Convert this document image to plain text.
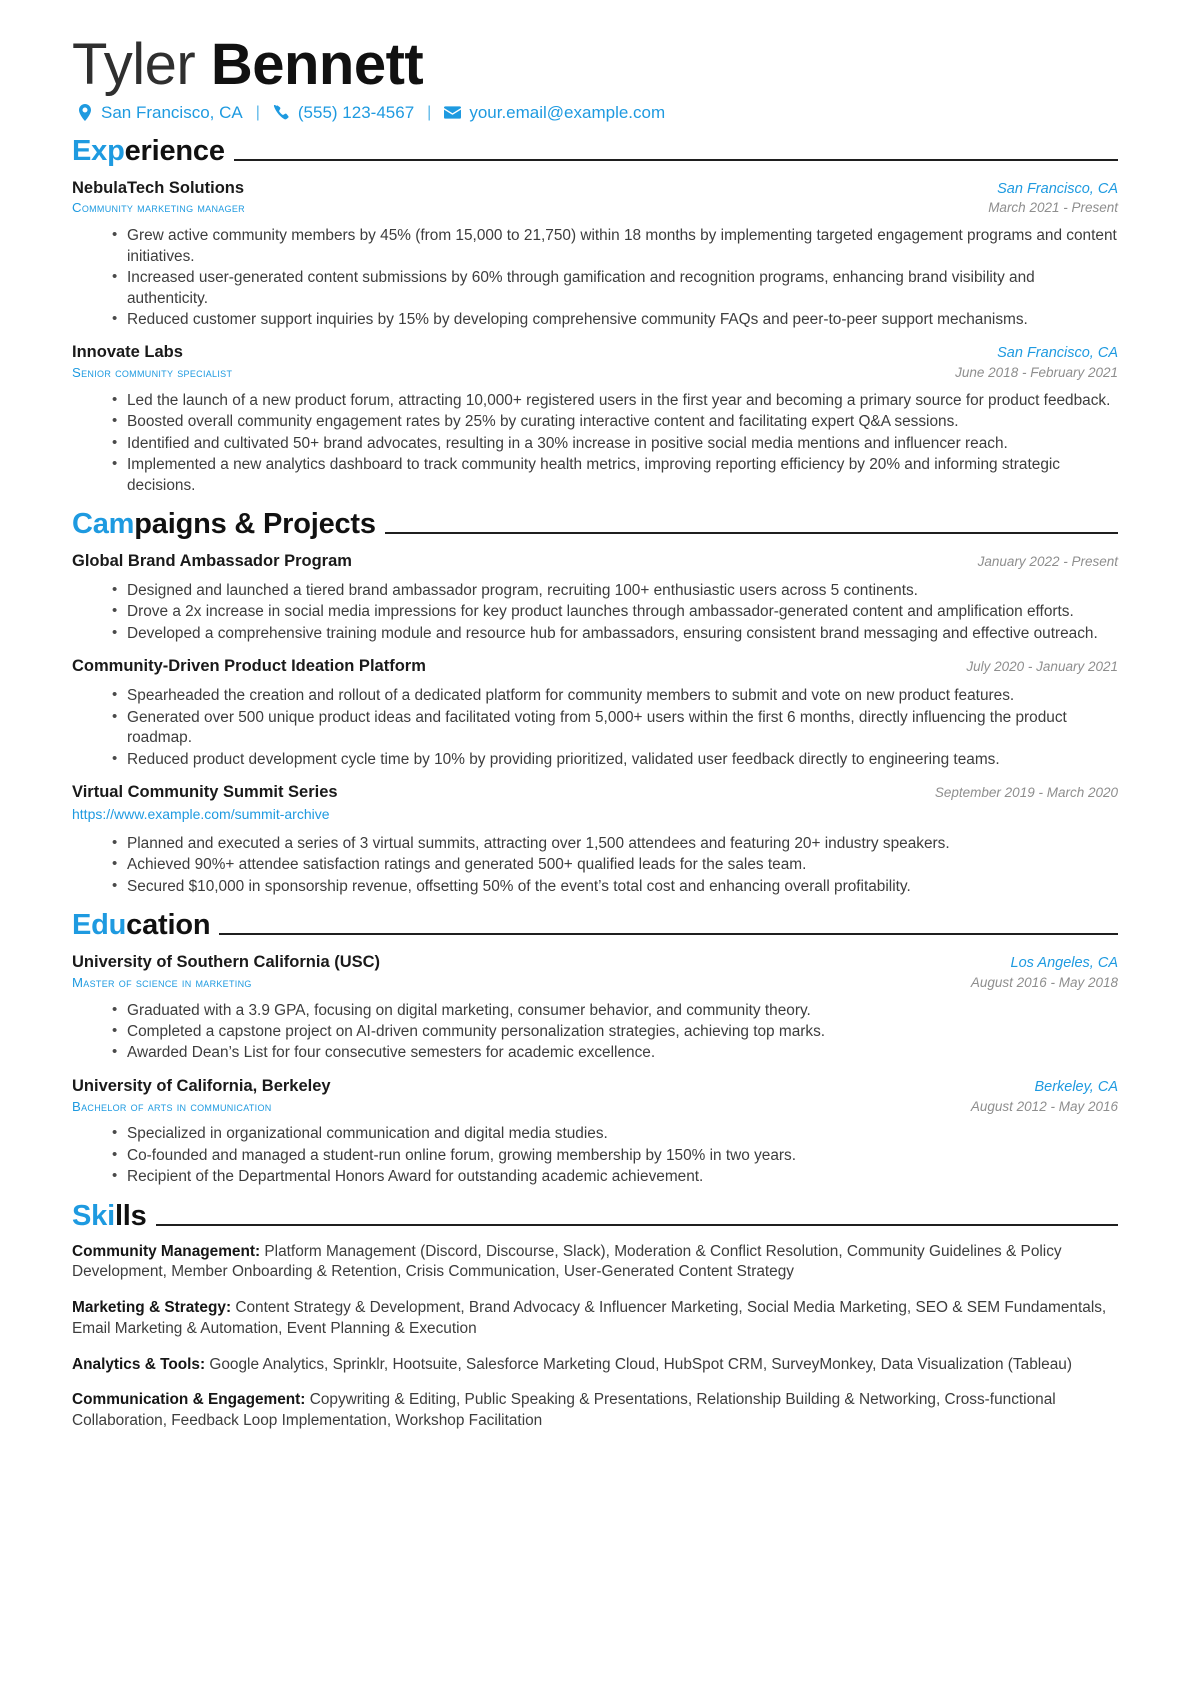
Tyler Bennett
San Francisco, CA |	(555) 123-4567 |	your.email@example.com
Experience
NebulaTech Solutions	San Francisco, CA
Community marketing manager	March 2021 - Present
• Grew active community members by 45% (from 15,000 to 21,750) within 18 months by implementing targeted engagement programs and content initiatives.
• Increased user-generated content submissions by 60% through gamification and recognition programs, enhancing brand visibility and authenticity.
• Reduced customer support inquiries by 15% by developing comprehensive community FAQs and peer-to-peer support mechanisms.
Innovate Labs	San Francisco, CA
Senior community specialist	June 2018 - February 2021
• Led the launch of a new product forum, attracting 10,000+ registered users in the first year and becoming a primary source for product feedback.
• Boosted overall community engagement rates by 25% by curating interactive content and facilitating expert Q&A sessions.
• Identified and cultivated 50+ brand advocates, resulting in a 30% increase in positive social media mentions and influencer reach.
• Implemented a new analytics dashboard to track community health metrics, improving reporting efficiency by 20% and informing strategic decisions.
Campaigns & Projects
Global Brand Ambassador Program	January 2022 - Present
• Designed and launched a tiered brand ambassador program, recruiting 100+ enthusiastic users across 5 continents.
• Drove a 2x increase in social media impressions for key product launches through ambassador-generated content and amplification efforts.
• Developed a comprehensive training module and resource hub for ambassadors, ensuring consistent brand messaging and effective outreach.
Community-Driven Product Ideation Platform	July 2020 - January 2021
• Spearheaded the creation and rollout of a dedicated platform for community members to submit and vote on new product features.
• Generated over 500 unique product ideas and facilitated voting from 5,000+ users within the first 6 months, directly influencing the product roadmap.
• Reduced product development cycle time by 10% by providing prioritized, validated user feedback directly to engineering teams.
Virtual Community Summit Series	September 2019 - March 2020
https://www.example.com/summit-archive
• Planned and executed a series of 3 virtual summits, attracting over 1,500 attendees and featuring 20+ industry speakers.
• Achieved 90%+ attendee satisfaction ratings and generated 500+ qualified leads for the sales team.
• Secured $10,000 in sponsorship revenue, offsetting 50% of the event’s total cost and enhancing overall profitability.
Education
University of Southern California (USC)	Los Angeles, CA
Master of science in marketing	August 2016 - May 2018
• Graduated with a 3.9 GPA, focusing on digital marketing, consumer behavior, and community theory.
• Completed a capstone project on AI-driven community personalization strategies, achieving top marks.
• Awarded Dean’s List for four consecutive semesters for academic excellence.
University of California, Berkeley	Berkeley, CA
Bachelor of arts in communication	August 2012 - May 2016
• Specialized in organizational communication and digital media studies.
• Co-founded and managed a student-run online forum, growing membership by 150% in two years.
• Recipient of the Departmental Honors Award for outstanding academic achievement.
Skills

Community Management: Platform Management (Discord, Discourse, Slack), Moderation & Conflict Resolution, Community Guidelines & Policy Development, Member Onboarding & Retention, Crisis Communication, User-Generated Content Strategy

Marketing & Strategy: Content Strategy & Development, Brand Advocacy & Influencer Marketing, Social Media Marketing, SEO & SEM Fundamentals, Email Marketing & Automation, Event Planning & Execution

Analytics & Tools: Google Analytics, Sprinklr, Hootsuite, Salesforce Marketing Cloud, HubSpot CRM, SurveyMonkey, Data Visualization (Tableau)

Communication & Engagement: Copywriting & Editing, Public Speaking & Presentations, Relationship Building & Networking, Cross-functional Collaboration, Feedback Loop Implementation, Workshop Facilitation
